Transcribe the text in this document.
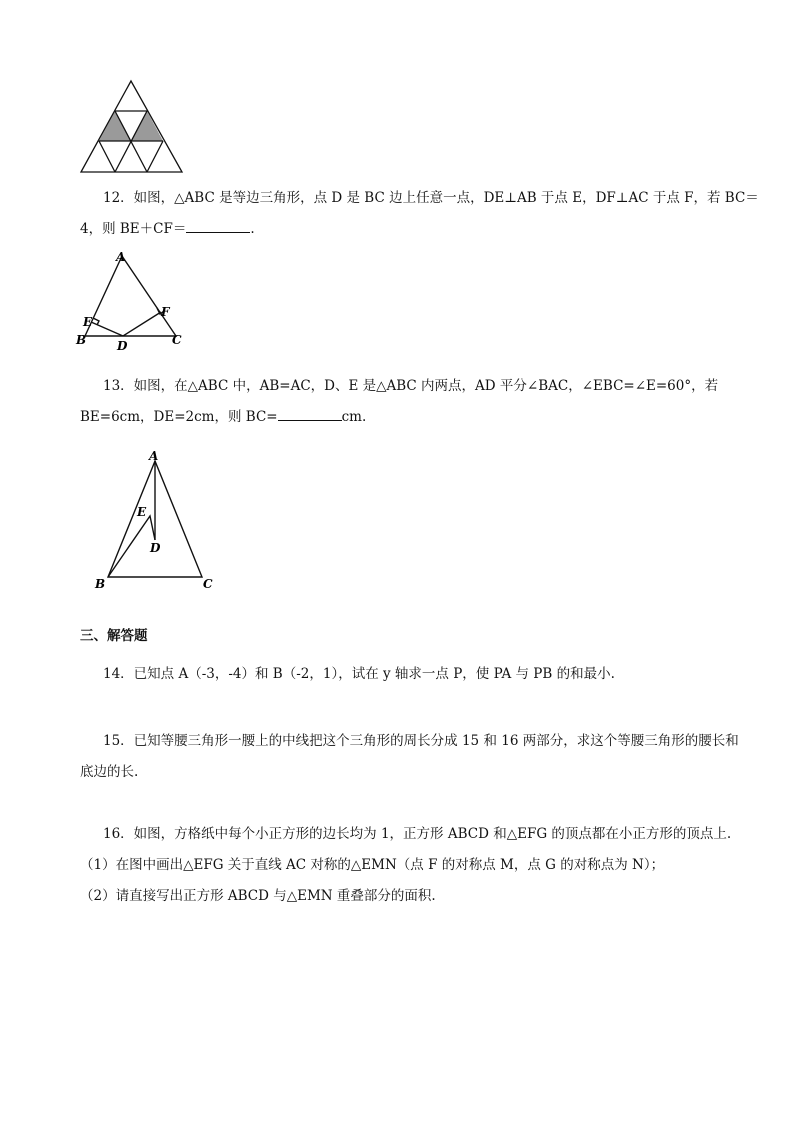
12．如图，△ABC 是等边三角形，点 D 是 BC 边上任意一点，DE⊥AB 于点 E，DF⊥AC 于点 F，若 BC＝
4，则 BE＋CF＝	.
A
B	C
D
E
F
13．如图，在△ABC 中，AB=AC，D、E 是△ABC 内两点，AD 平分∠BAC，∠EBC=∠E=60°，若
BE=6cm，DE=2cm，则 BC=	cm.
A
B	C
D
E
三、解答题
14．已知点 A（-3，-4）和 B（-2，1），试在 y 轴求一点 P，使 PA 与 PB 的和最小.
15．已知等腰三角形一腰上的中线把这个三角形的周长分成 15 和 16 两部分，求这个等腰三角形的腰长和
底边的长.
16．如图，方格纸中每个小正方形的边长均为 1，正方形 ABCD 和△EFG 的顶点都在小正方形的顶点上.
（1）在图中画出△EFG 关于直线 AC 对称的△EMN（点 F 的对称点 M，点 G 的对称点为 N）；
（2）请直接写出正方形 ABCD 与△EMN 重叠部分的面积.
